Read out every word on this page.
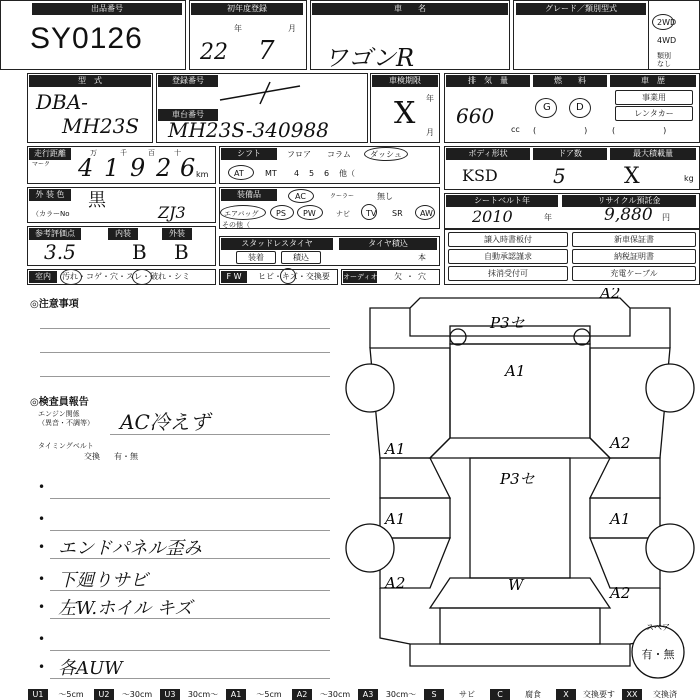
出品番号
SY0126
初年度登録
年	月
22 7
車　　名
ワゴンR
グレード／類別型式
2WD
4WD
類別
なし
型　式
DBA-
MH23S
登録番号
車台番号
MH23S-340988
車検期限
年
月
X
排　気　量
660
cc
燃　　料
G	D
(　　　　　　)
車　歴
事業用
レンタカー
(　　　　　　)
走行距離
マーク
万	千	百	十
4 1 9 2 6 km
シフト	フロア コラム ダッシュ
AT	MT 4 5 6 他（
ボディ形状
KSD
ドア数
5
最大積載量
X	kg
外 装 色	黒
（カラーNo	ZJ3
装備品	AC	クーラー	無し
エアバッグ PS PW	ナビ TV SR AW
その他（
シートベルト年
2010	年
リサイクル預託金
9,880 円
参考評価点
3.5
内装
B
外装
B	スタッドレスタイヤ
装着	積込
タイヤ積込
本
譲入時書板付	新車保証書
自動承認謹求	納税証明書
抹消受付可	充電ケーブル
室内	汚れ・コゲ・穴・スレ・破れ・シミ	F W	ヒビ・キズ・交換要 オーディオ 欠 ・ 穴
◎注意事項
◎検査員報告
エンジン関係
（異音・不調等） AC冷えず
タイミングベルト
交換 有・無
•
•
• エンドパネル歪み
• 下廻りサビ
• 左W.ホイル キズ
•
• 各AUW
スペア
有・無
A2
P3セ
A1
A1	A2
P3セ
A1	A1
A2	W	A2
U1	～5cm	U2	～30cm	U3	30cm～	A1	～5cm	A2	～30cm	A3	30cm～	S	サビ	C	腐食	X	交換要す	XX	交換済
